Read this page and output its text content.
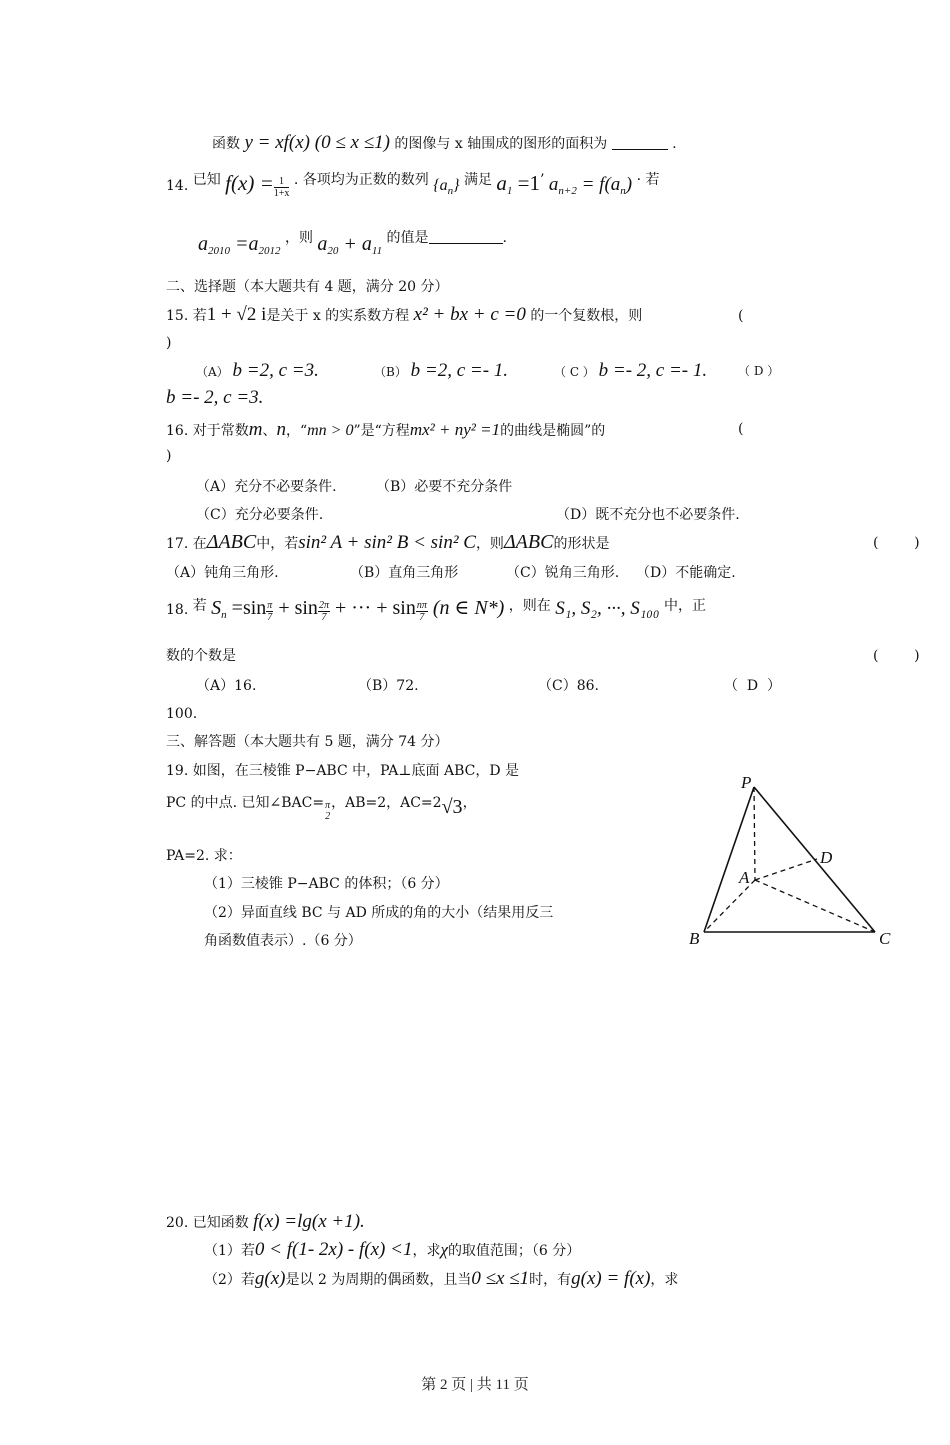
函数 y = xf(x) (0 ≤ x ≤1) 的图像与 x 轴围成的图形的面积为	.
14. 已知 $f(x) = \frac{1}{1+x}$ . 各项均为正数的数列 $\{a_n\}$ 满足 $a_1 =1$’ $a_{n+2} = f(a_n)$ · 若
$a_{2010} =a_{2012}$ ，则 $a_{20} + a_{11}$ 的值是	.
二、选择题（本大题共有 4 题，满分 20 分）
15. 若1 + √2 i是关于 x 的实系数方程 x² + bx + c =0 的一个复数根，则	(
)
（A） b =2, c =3.	（B） b =2, c =- 1.	（ C ） b =- 2, c =- 1.	（ D ）
b =- 2, c =3.
16. 对于常数m、n，“mn > 0”是“方程mx² + ny² =1的曲线是椭圆”的	(
)
（A）充分不必要条件.	（B）必要不充分条件
（C）充分必要条件.	（D）既不充分也不必要条件.
17. 在ΔABC中，若sin² A + sin² B < sin² C，则ΔABC的形状是	(        )
（A）钝角三角形.	（B）直角三角形	（C）锐角三角形. （D）不能确定.
18. 若 $S_n =\sin \frac{\pi}{7} + \sin \frac{2\pi}{7}$ + ··· + $\sin \frac{n\pi}{7} (n$ ∈ N*) ，则在 S₁, S₂, ···, S₁₀₀ 中，正
数的个数是	(        )
（A）16.	（B）72.	（C）86.	（  D  ）
100.
三、解答题（本大题共有 5 题，满分 74 分）
19. 如图，在三棱锥 P−ABC 中，PA⊥底面 ABC，D 是
PC 的中点. 已知∠BAC= π
2
，AB=2，AC=2√3，
PA=2. 求：
（1）三棱锥 P−ABC 的体积；（6 分）
（2）异面直线 BC 与 AD 所成的角的大小（结果用反三
角函数值表示）.（6 分）
P
A
D
B	C
20. 已知函数 f(x) =lg(x +1).
（1）若0 < f(1- 2x) - f(x) <1，求χ的取值范围；（6 分）
（2）若g(x)是以 2 为周期的偶函数，且当0 ≤x ≤1时，有g(x) = f(x)，求
第 2 页 | 共 11 页
